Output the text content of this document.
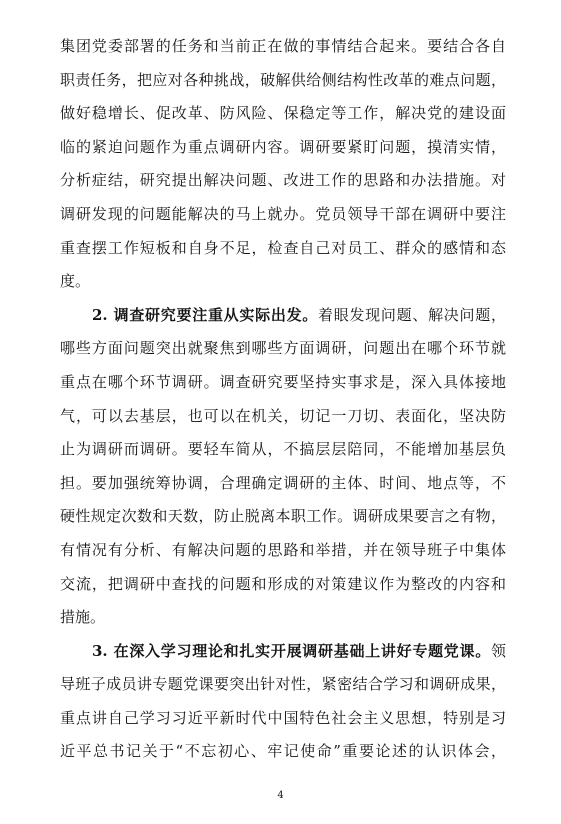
集团党委部署的任务和当前正在做的事情结合起来。要结合各自
职责任务，把应对各种挑战，破解供给侧结构性改革的难点问题，
做好稳增长、促改革、防风险、保稳定等工作，解决党的建设面
临的紧迫问题作为重点调研内容。调研要紧盯问题，摸清实情，
分析症结，研究提出解决问题、改进工作的思路和办法措施。对
调研发现的问题能解决的马上就办。党员领导干部在调研中要注
重查摆工作短板和自身不足，检查自己对员工、群众的感情和态
度。
2. 调查研究要注重从实际出发。着眼发现问题、解决问题，
哪些方面问题突出就聚焦到哪些方面调研，问题出在哪个环节就
重点在哪个环节调研。调查研究要坚持实事求是，深入具体接地
气，可以去基层，也可以在机关，切记一刀切、表面化，坚决防
止为调研而调研。要轻车简从，不搞层层陪同，不能增加基层负
担。要加强统筹协调，合理确定调研的主体、时间、地点等，不
硬性规定次数和天数，防止脱离本职工作。调研成果要言之有物，
有情况有分析、有解决问题的思路和举措，并在领导班子中集体
交流，把调研中查找的问题和形成的对策建议作为整改的内容和
措施。
3. 在深入学习理论和扎实开展调研基础上讲好专题党课。领
导班子成员讲专题党课要突出针对性，紧密结合学习和调研成果，
重点讲自己学习习近平新时代中国特色社会主义思想，特别是习
近平总书记关于“不忘初心、牢记使命”重要论述的认识体会，
4
